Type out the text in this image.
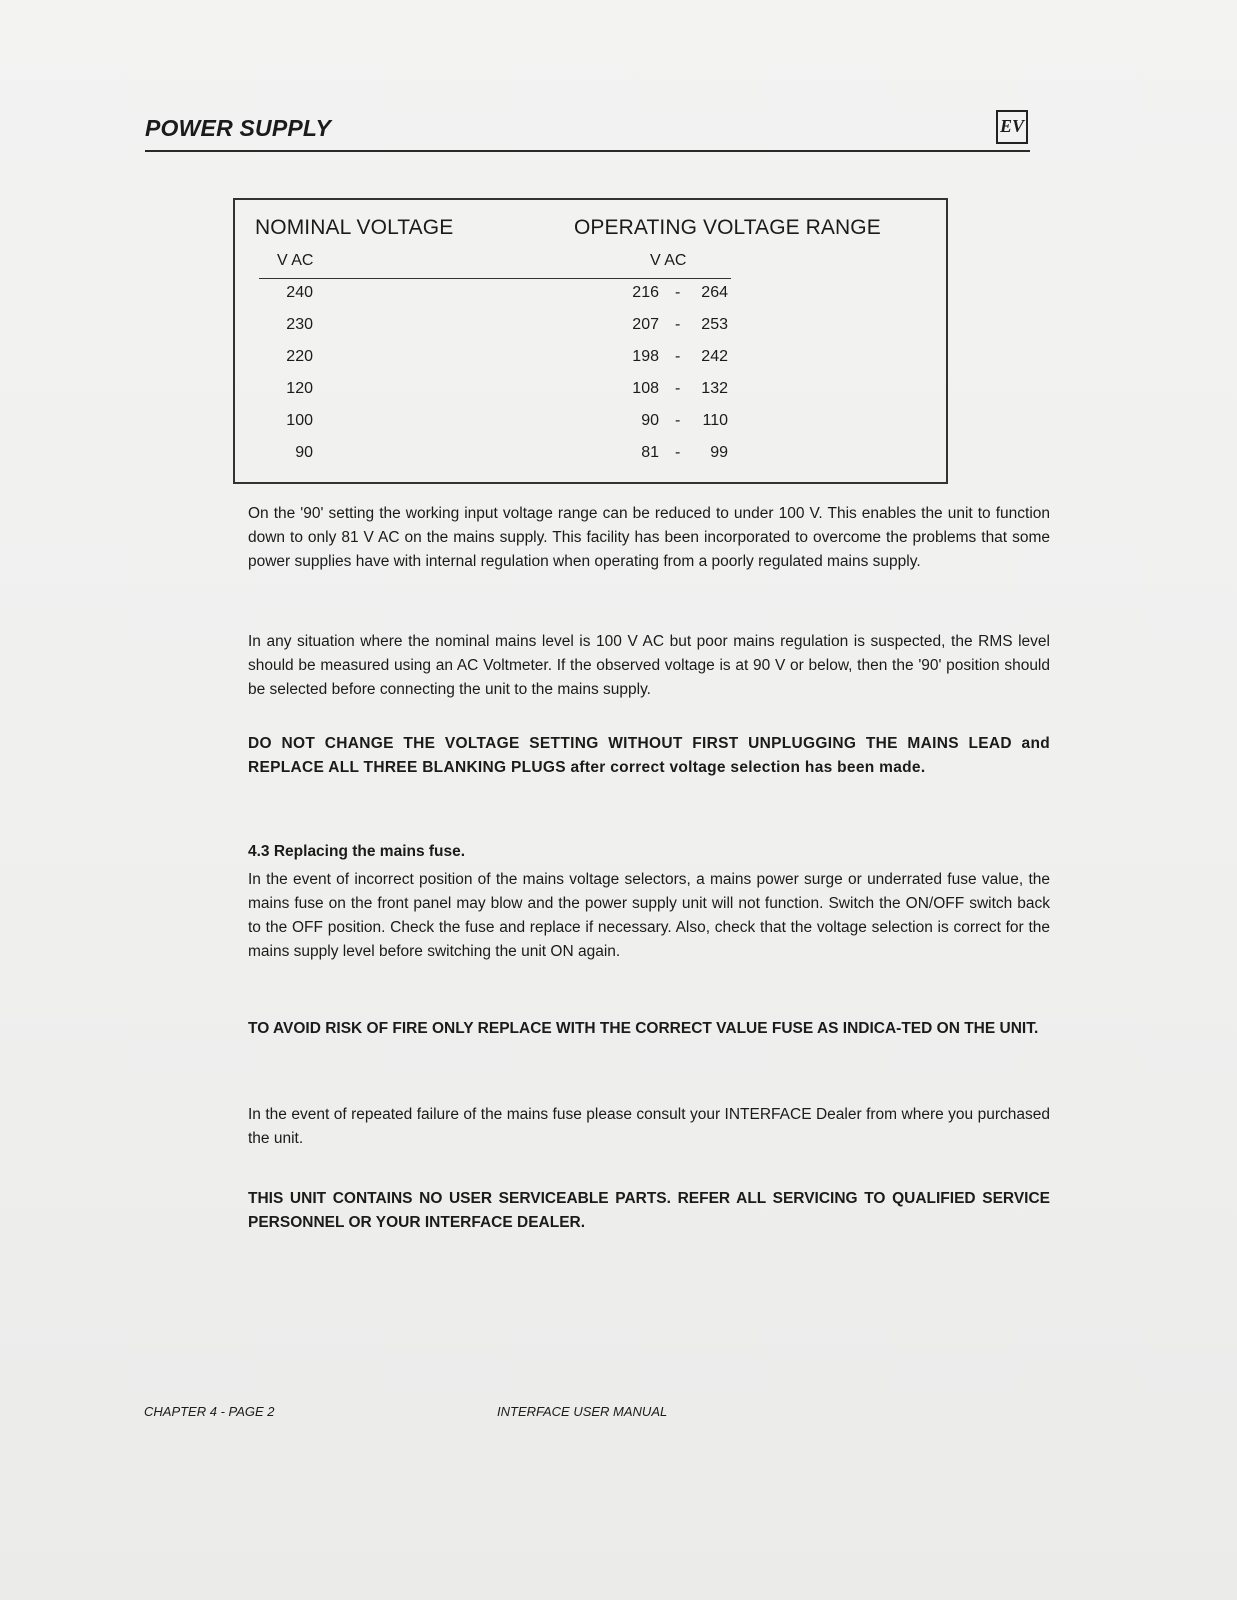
POWER SUPPLY	EV
NOMINAL VOLTAGE	OPERATING VOLTAGE RANGE
V AC	V AC
240	216 -	264
230	207 -	253
220	198 -	242
120	108 -	132
100	90 -	110
90	81 -	99
On the '90' setting the working input voltage range can be reduced to under 100 V. This enables the unit to function down to only 81 V AC on the mains supply. This facility has been incorporated to overcome the problems that some power supplies have with internal regulation when operating from a poorly regulated mains supply.
In any situation where the nominal mains level is 100 V AC but poor mains regulation is suspected, the RMS level should be measured using an AC Voltmeter. If the observed voltage is at 90 V or below, then the '90' position should be selected before connecting the unit to the mains supply.
DO NOT CHANGE THE VOLTAGE SETTING WITHOUT FIRST UNPLUGGING THE MAINS LEAD and REPLACE ALL THREE BLANKING PLUGS after correct voltage selection has been made.
4.3 Replacing the mains fuse.
In the event of incorrect position of the mains voltage selectors, a mains power surge or underrated fuse value, the mains fuse on the front panel may blow and the power supply unit will not function. Switch the ON/OFF switch back to the OFF position. Check the fuse and replace if necessary. Also, check that the voltage selection is correct for the mains supply level before switching the unit ON again.
TO AVOID RISK OF FIRE ONLY REPLACE WITH THE CORRECT VALUE FUSE AS INDICA-TED ON THE UNIT.
In the event of repeated failure of the mains fuse please consult your INTERFACE Dealer from where you purchased the unit.
THIS UNIT CONTAINS NO USER SERVICEABLE PARTS. REFER ALL SERVICING TO QUALIFIED SERVICE PERSONNEL OR YOUR INTERFACE DEALER.
CHAPTER 4 - PAGE 2	INTERFACE USER MANUAL
